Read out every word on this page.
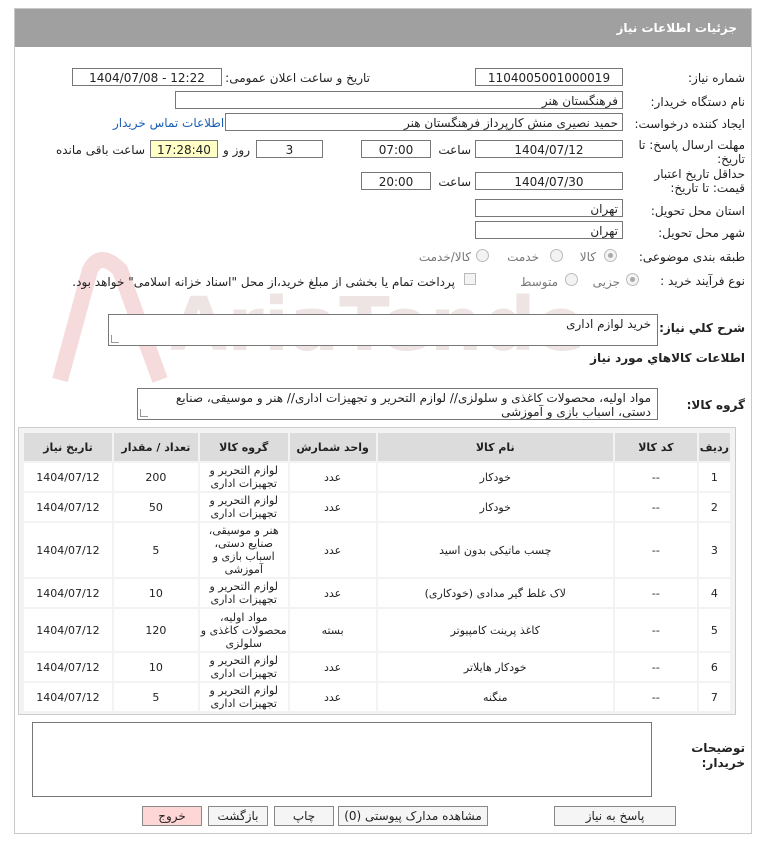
جزئیات اطلاعات نیاز
شماره نیاز:
1104005001000019
تاریخ و ساعت اعلان عمومی:
1404/07/08 - 12:22
نام دستگاه خریدار:
فرهنگستان هنر
ایجاد کننده درخواست:
حمید نصیری منش کارپرداز فرهنگستان هنر
اطلاعات تماس خریدار
مهلت ارسال پاسخ: تا تاریخ:
1404/07/12
ساعت
07:00
3
روز و
17:28:40
ساعت باقی مانده
حداقل تاریخ اعتبار قیمت: تا تاریخ:
1404/07/30
ساعت
20:00
استان محل تحویل:
تهران
شهر محل تحویل:
تهران
طبقه بندی موضوعی:
کالا
خدمت
کالا/خدمت
نوع فرآیند خرید :
جزیی
متوسط
پرداخت تمام یا بخشی از مبلغ خرید،از محل "اسناد خزانه اسلامی" خواهد بود.
شرح کلي نياز:
خرید لوازم اداری
اطلاعات کالاهاي مورد نياز
گروه کالا:
مواد اولیه، محصولات کاغذی و سلولزی// لوازم التحریر و تجهیزات اداری// هنر و موسیقی، صنایع دستی، اسباب بازی و آموزشی
ردیف	کد کالا	نام کالا	واحد شمارش	گروه کالا	تعداد / مقدار	تاریخ نیاز
1	--	خودکار	عدد	لوازم التحریر و تجهیزات اداری	200	1404/07/12
2	--	خودکار	عدد	لوازم التحریر و تجهیزات اداری	50	1404/07/12
3	--	چسب ماتیکی بدون اسید	عدد	هنر و موسیقی، صنایع دستی، اسباب بازی و آموزشی	5	1404/07/12
4	--	لاک غلط گیر مدادی (خودکاری)	عدد	لوازم التحریر و تجهیزات اداری	10	1404/07/12
5	--	کاغذ پرینت کامپیوتر	بسته	مواد اولیه، محصولات کاغذی و سلولزی	120	1404/07/12
6	--	خودکار هایلاتر	عدد	لوازم التحریر و تجهیزات اداری	10	1404/07/12
7	--	منگنه	عدد	لوازم التحریر و تجهیزات اداری	5	1404/07/12
توضیحات خریدار:
پاسخ به نیاز
مشاهده مدارک پیوستی (0)
چاپ
بازگشت
خروج
